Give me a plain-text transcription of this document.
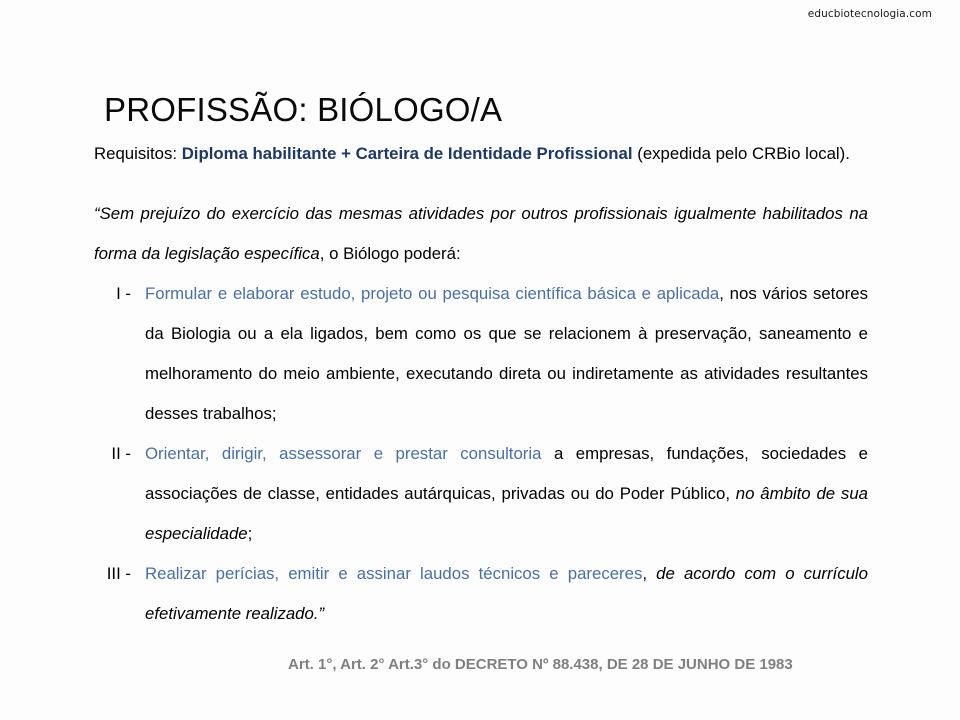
educbiotecnologia.com
PROFISSÃO: BIÓLOGO/A

Requisitos: Diploma habilitante + Carteira de Identidade Profissional (expedida pelo CRBio local).

“Sem prejuízo do exercício das mesmas atividades por outros profissionais igualmente habilitados na forma da legislação específica, o Biólogo poderá:

I - Formular e elaborar estudo, projeto ou pesquisa científica básica e aplicada, nos vários setores da Biologia ou a ela ligados, bem como os que se relacionem à preservação, saneamento e melhoramento do meio ambiente, executando direta ou indiretamente as atividades resultantes desses trabalhos;
II - Orientar, dirigir, assessorar e prestar consultoria a empresas, fundações, sociedades e associações de classe, entidades autárquicas, privadas ou do Poder Público, no âmbito de sua especialidade;
III - Realizar perícias, emitir e assinar laudos técnicos e pareceres, de acordo com o currículo efetivamente realizado.”
Art. 1°, Art. 2° Art.3° do DECRETO Nº 88.438, DE 28 DE JUNHO DE 1983
